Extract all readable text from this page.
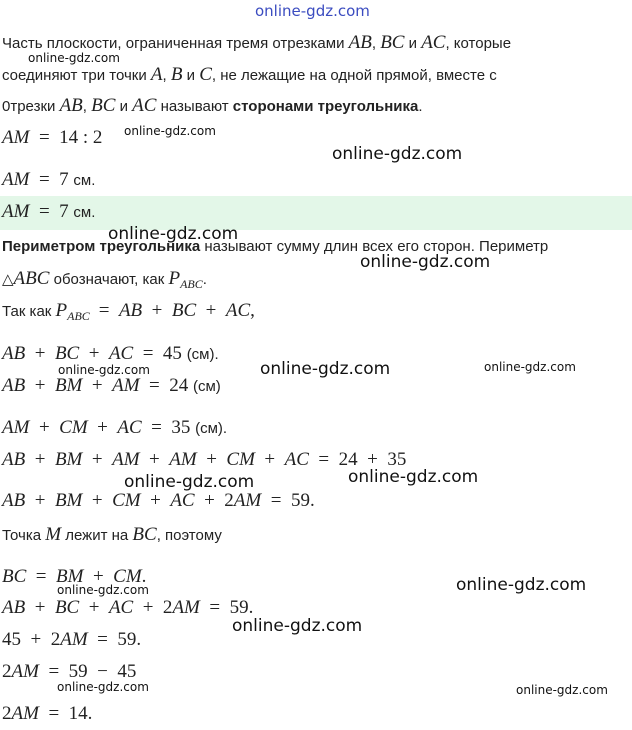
online-gdz.com
Часть плоскости, ограниченная тремя отрезками AB, BC и AC, которые
соединяют три точки A, B и C, не лежащие на одной прямой, вместе с
0трезки AB, BC и AC называют сторонами треугольника.
AM  =  14 : 2
AM  =  7 см.
AM  =  7 см.
Периметром треугольника называют сумму длин всех его сторон. Периметр
△ABC обозначают, как $P_{ABC}$.
Так как $P_{ABC}$  =  AB  +  BC  +  AC,
AB  +  BC  +  AC  =  45 (см).
AB  +  BM  +  AM  =  24 (см)
AM  +  CM  +  AC  =  35 (см).
AB  +  BM  +  AM  +  AM  +  CM  +  AC  =  24  +  35
AB  +  BM  +  CM  +  AC  +  2AM  =  59.
Точка M лежит на BC, поэтому
BC  =  BM  +  CM.
AB  +  BC  +  AC  +  2AM  =  59.
45  +  2AM  =  59.
2AM  =  59  −  45
2AM  =  14.
online-gdz.com
online-gdz.com
online-gdz.com
online-gdz.com
online-gdz.com
online-gdz.com	online-gdz.com
online-gdz.com
online-gdz.com	online-gdz.com
online-gdz.com
online-gdz.com
online-gdz.com
online-gdz.com	online-gdz.com
